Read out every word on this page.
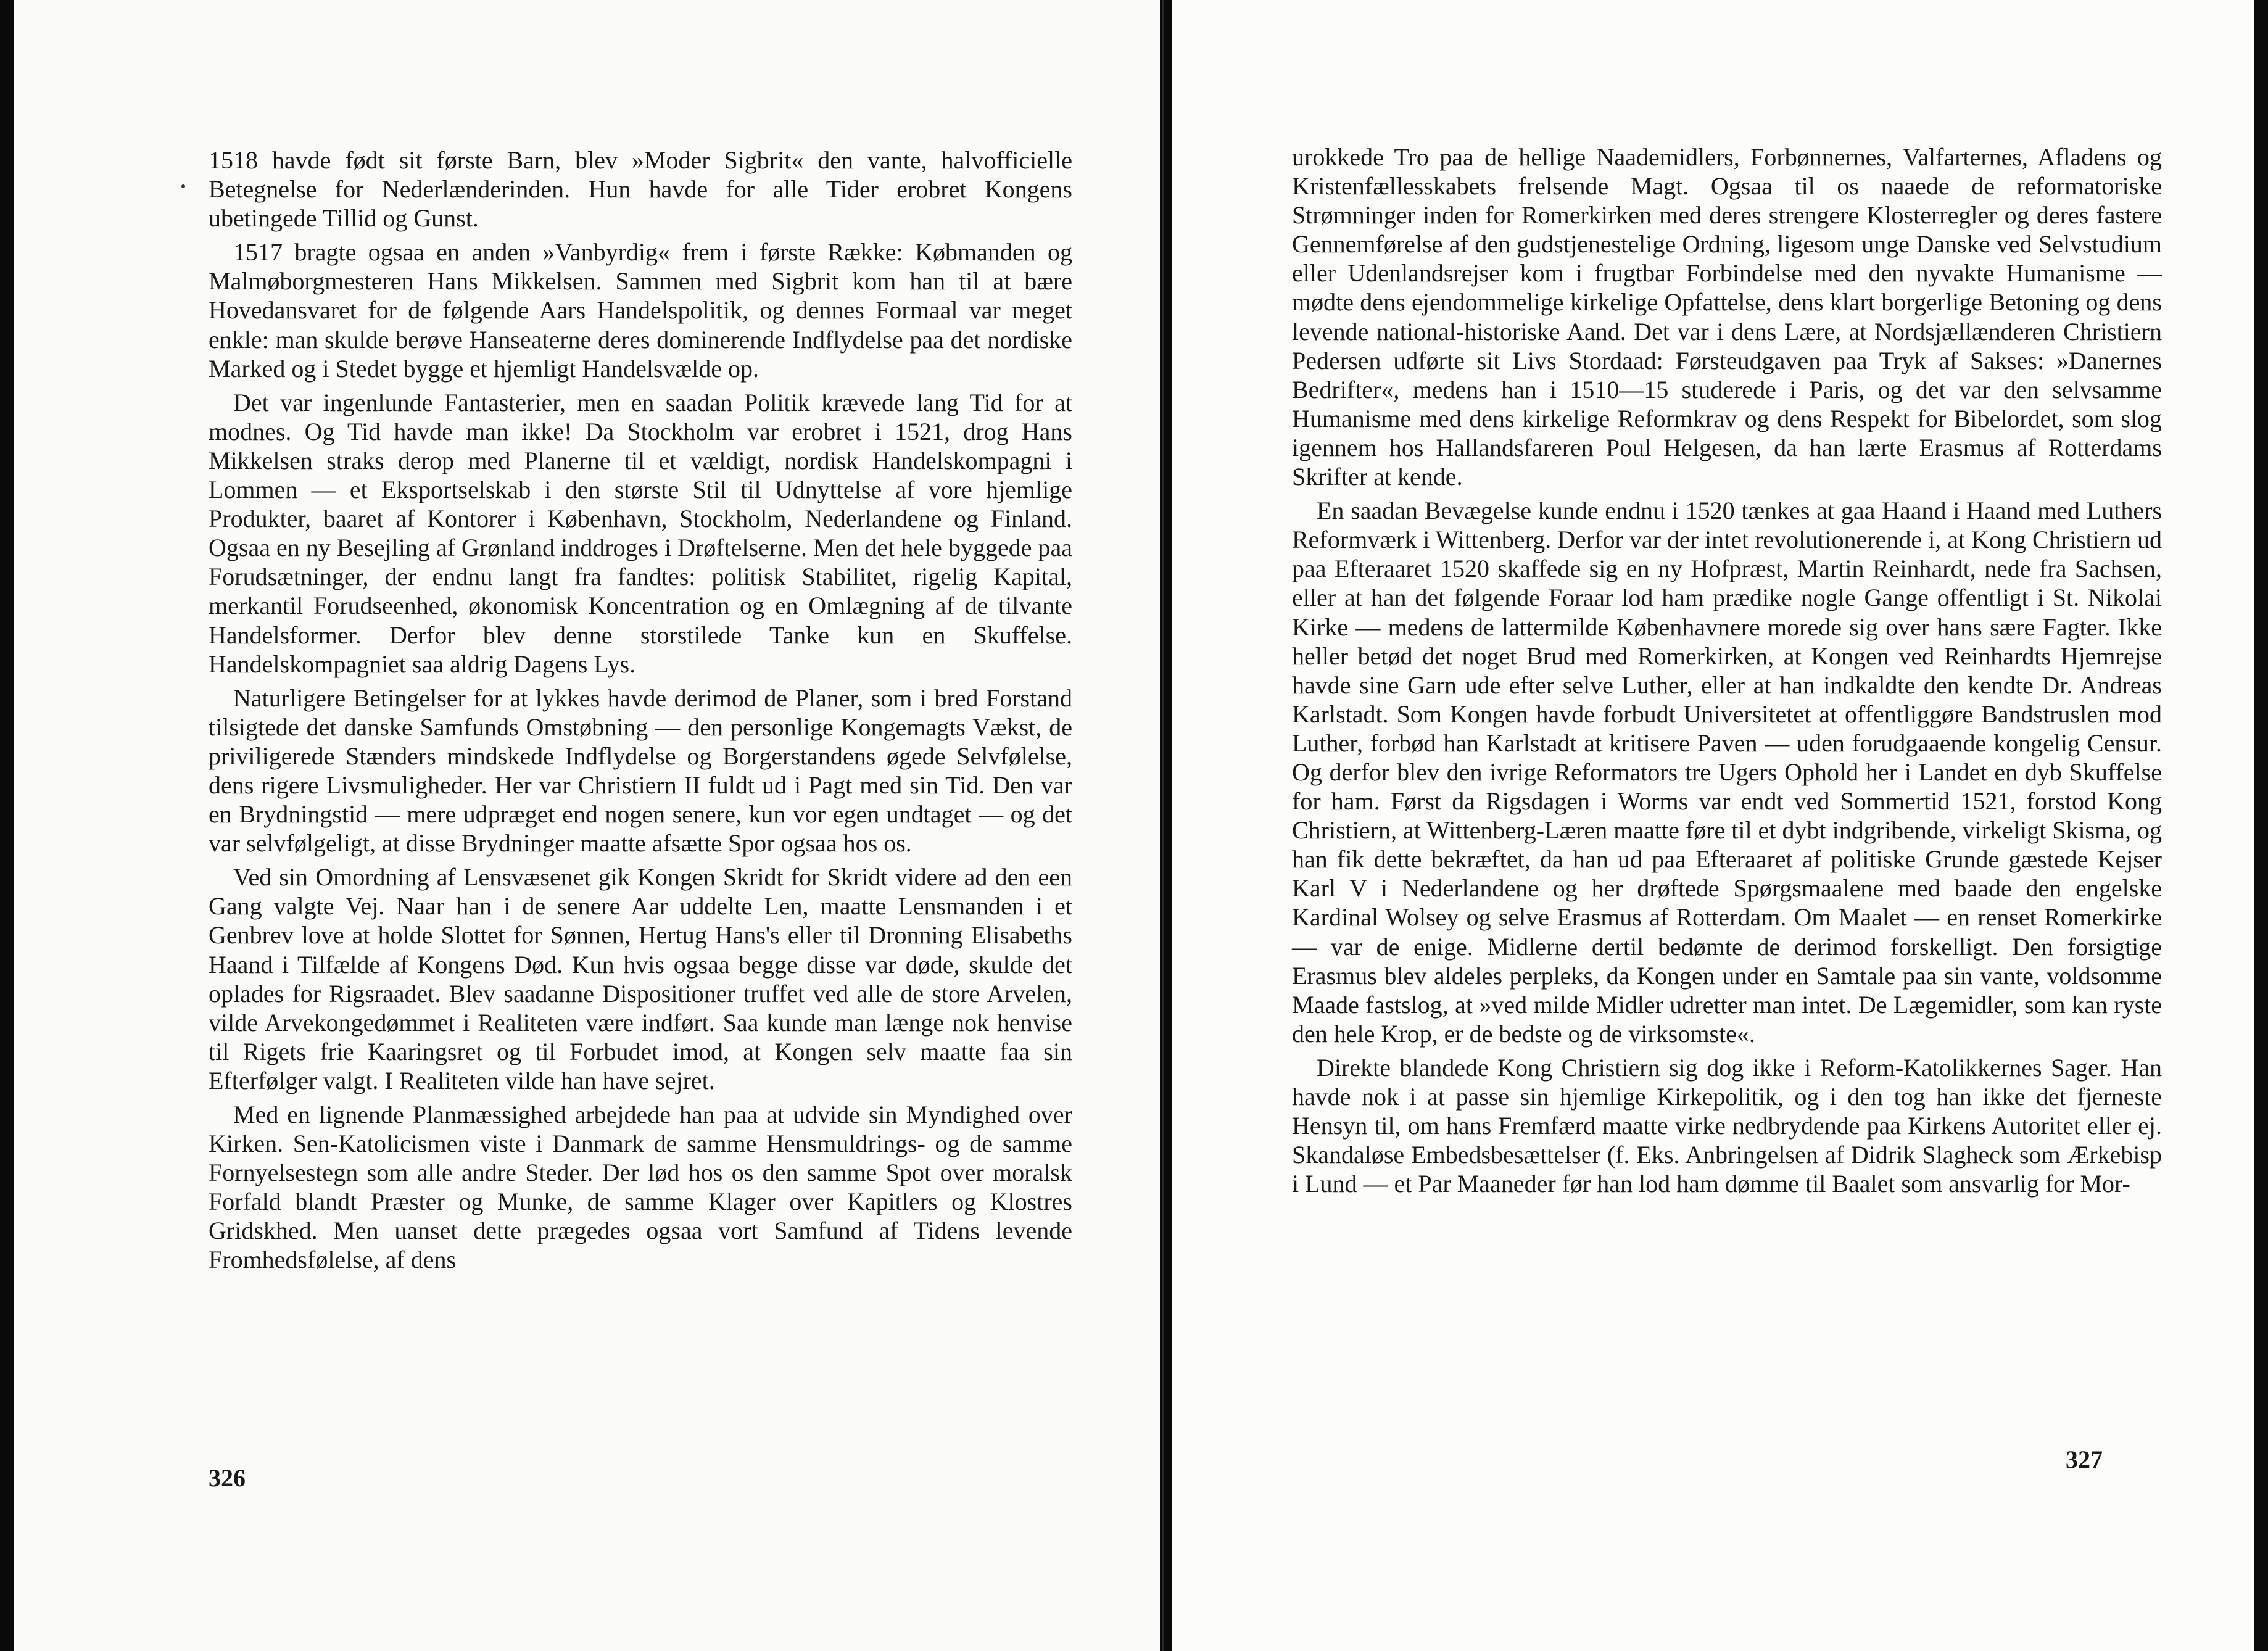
1518 havde født sit første Barn, blev »Moder Sigbrit« den vante, halvofficielle Betegnelse for Nederlænderinden. Hun havde for alle Tider erobret Kongens ubetingede Tillid og Gunst.

1517 bragte ogsaa en anden »Vanbyrdig« frem i første Række: Købmanden og Malmøborgmesteren Hans Mikkelsen. Sammen med Sigbrit kom han til at bære Hovedansvaret for de følgende Aars Handelspolitik, og dennes Formaal var meget enkle: man skulde berøve Hanseaterne deres dominerende Indflydelse paa det nordiske Marked og i Stedet bygge et hjemligt Handelsvælde op.

Det var ingenlunde Fantasterier, men en saadan Politik krævede lang Tid for at modnes. Og Tid havde man ikke! Da Stockholm var erobret i 1521, drog Hans Mikkelsen straks derop med Planerne til et vældigt, nordisk Handelskompagni i Lommen — et Eksportselskab i den største Stil til Udnyttelse af vore hjemlige Produkter, baaret af Kontorer i København, Stockholm, Nederlandene og Finland. Ogsaa en ny Besejling af Grønland inddroges i Drøftelserne. Men det hele byggede paa Forudsætninger, der endnu langt fra fandtes: politisk Stabilitet, rigelig Kapital, merkantil Forudseenhed, økonomisk Koncentration og en Omlægning af de tilvante Handelsformer. Derfor blev denne storstilede Tanke kun en Skuffelse. Handelskompagniet saa aldrig Dagens Lys.

Naturligere Betingelser for at lykkes havde derimod de Planer, som i bred Forstand tilsigtede det danske Samfunds Omstøbning — den personlige Kongemagts Vækst, de priviligerede Stænders mindskede Indflydelse og Borgerstandens øgede Selvfølelse, dens rigere Livsmuligheder. Her var Christiern II fuldt ud i Pagt med sin Tid. Den var en Brydningstid — mere udpræget end nogen senere, kun vor egen undtaget — og det var selvfølgeligt, at disse Brydninger maatte afsætte Spor ogsaa hos os.

Ved sin Omordning af Lensvæsenet gik Kongen Skridt for Skridt videre ad den een Gang valgte Vej. Naar han i de senere Aar uddelte Len, maatte Lensmanden i et Genbrev love at holde Slottet for Sønnen, Hertug Hans's eller til Dronning Elisabeths Haand i Tilfælde af Kongens Død. Kun hvis ogsaa begge disse var døde, skulde det oplades for Rigsraadet. Blev saadanne Dispositioner truffet ved alle de store Arvelen, vilde Arvekongedømmet i Realiteten være indført. Saa kunde man længe nok henvise til Rigets frie Kaaringsret og til Forbudet imod, at Kongen selv maatte faa sin Efterfølger valgt. I Realiteten vilde han have sejret.

Med en lignende Planmæssighed arbejdede han paa at udvide sin Myndighed over Kirken. Sen-Katolicismen viste i Danmark de samme Hensmuldrings- og de samme Fornyelsestegn som alle andre Steder. Der lød hos os den samme Spot over moralsk Forfald blandt Præster og Munke, de samme Klager over Kapitlers og Klostres Gridskhed. Men uanset dette prægedes ogsaa vort Samfund af Tidens levende Fromhedsfølelse, af dens

326

urokkede Tro paa de hellige Naademidlers, Forbønnernes, Valfarternes, Afladens og Kristenfællesskabets frelsende Magt. Ogsaa til os naaede de reformatoriske Strømninger inden for Romerkirken med deres strengere Klosterregler og deres fastere Gennemførelse af den gudstjenestelige Ordning, ligesom unge Danske ved Selvstudium eller Udenlandsrejser kom i frugtbar Forbindelse med den nyvakte Humanisme — mødte dens ejendommelige kirkelige Opfattelse, dens klart borgerlige Betoning og dens levende national-historiske Aand. Det var i dens Lære, at Nordsjællænderen Christiern Pedersen udførte sit Livs Stordaad: Førsteudgaven paa Tryk af Sakses: »Danernes Bedrifter«, medens han i 1510—15 studerede i Paris, og det var den selvsamme Humanisme med dens kirkelige Reformkrav og dens Respekt for Bibelordet, som slog igennem hos Hallandsfareren Poul Helgesen, da han lærte Erasmus af Rotterdams Skrifter at kende.

En saadan Bevægelse kunde endnu i 1520 tænkes at gaa Haand i Haand med Luthers Reformværk i Wittenberg. Derfor var der intet revolutionerende i, at Kong Christiern ud paa Efteraaret 1520 skaffede sig en ny Hofpræst, Martin Reinhardt, nede fra Sachsen, eller at han det følgende Foraar lod ham prædike nogle Gange offentligt i St. Nikolai Kirke — medens de lattermilde Københavnere morede sig over hans sære Fagter. Ikke heller betød det noget Brud med Romerkirken, at Kongen ved Reinhardts Hjemrejse havde sine Garn ude efter selve Luther, eller at han indkaldte den kendte Dr. Andreas Karlstadt. Som Kongen havde forbudt Universitetet at offentliggøre Bandstruslen mod Luther, forbød han Karlstadt at kritisere Paven — uden forudgaaende kongelig Censur. Og derfor blev den ivrige Reformators tre Ugers Ophold her i Landet en dyb Skuffelse for ham. Først da Rigsdagen i Worms var endt ved Sommertid 1521, forstod Kong Christiern, at Wittenberg-Læren maatte føre til et dybt indgribende, virkeligt Skisma, og han fik dette bekræftet, da han ud paa Efteraaret af politiske Grunde gæstede Kejser Karl V i Nederlandene og her drøftede Spørgsmaalene med baade den engelske Kardinal Wolsey og selve Erasmus af Rotterdam. Om Maalet — en renset Romerkirke — var de enige. Midlerne dertil bedømte de derimod forskelligt. Den forsigtige Erasmus blev aldeles perpleks, da Kongen under en Samtale paa sin vante, voldsomme Maade fastslog, at »ved milde Midler udretter man intet. De Lægemidler, som kan ryste den hele Krop, er de bedste og de virksomste«.

Direkte blandede Kong Christiern sig dog ikke i Reform-Katolikkernes Sager. Han havde nok i at passe sin hjemlige Kirkepolitik, og i den tog han ikke det fjerneste Hensyn til, om hans Fremfærd maatte virke nedbrydende paa Kirkens Autoritet eller ej. Skandaløse Embedsbesættelser (f. Eks. Anbringelsen af Didrik Slagheck som Ærkebisp i Lund — et Par Maaneder før han lod ham dømme til Baalet som ansvarlig for Mor-

327
